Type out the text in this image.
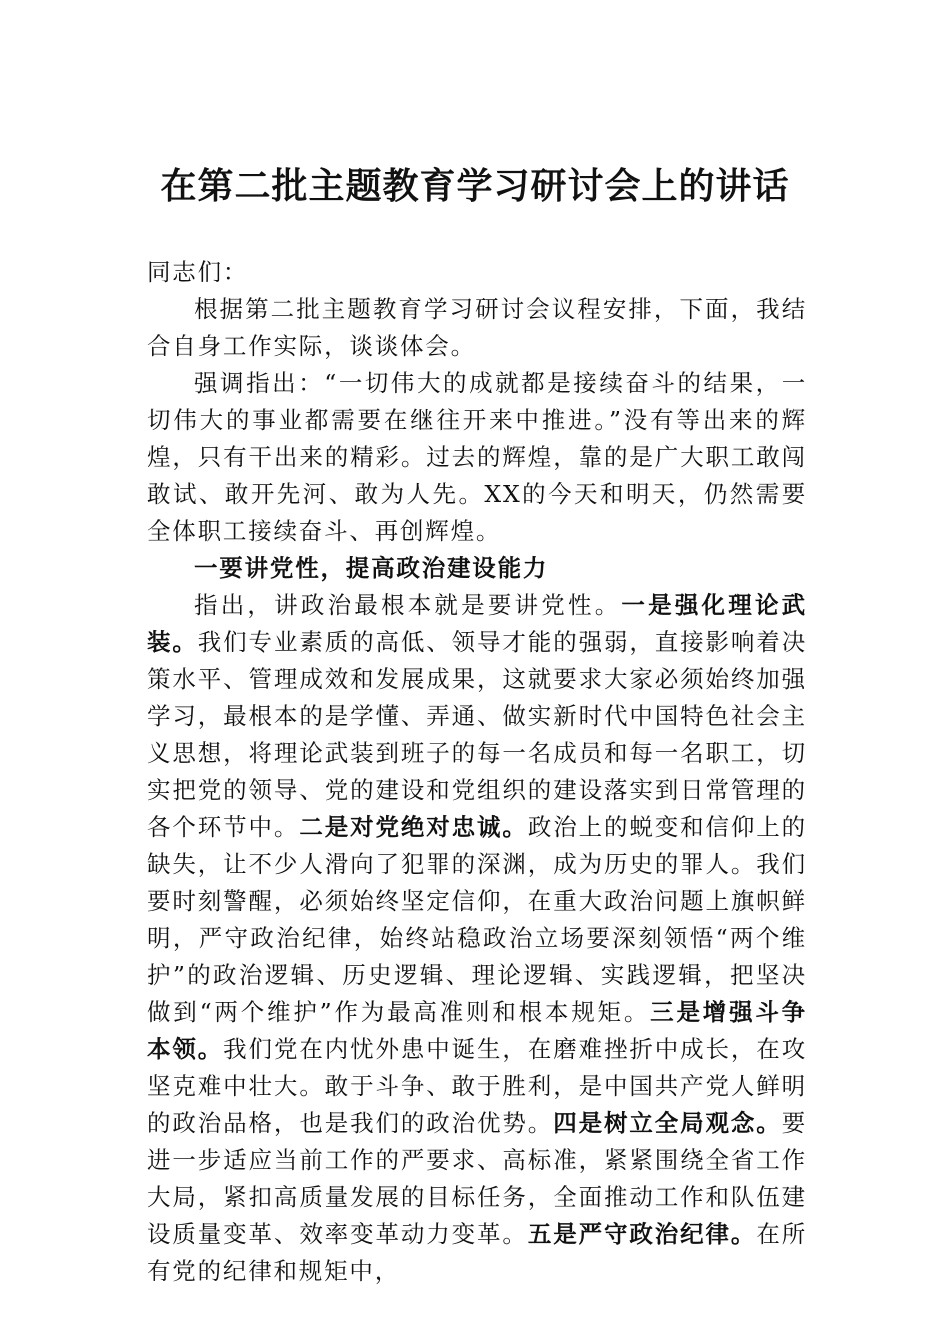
在第二批主题教育学习研讨会上的讲话

同志们：

根据第二批主题教育学习研讨会议程安排，下面，我结合自身工作实际，谈谈体会。

强调指出：“一切伟大的成就都是接续奋斗的结果，一切伟大的事业都需要在继往开来中推进。”没有等出来的辉煌，只有干出来的精彩。过去的辉煌，靠的是广大职工敢闯敢试、敢开先河、敢为人先。XX的今天和明天，仍然需要全体职工接续奋斗、再创辉煌。

一要讲党性，提高政治建设能力

指出，讲政治最根本就是要讲党性。一是强化理论武装。我们专业素质的高低、领导才能的强弱，直接影响着决策水平、管理成效和发展成果，这就要求大家必须始终加强学习，最根本的是学懂、弄通、做实新时代中国特色社会主义思想，将理论武装到班子的每一名成员和每一名职工，切实把党的领导、党的建设和党组织的建设落实到日常管理的各个环节中。二是对党绝对忠诚。政治上的蜕变和信仰上的缺失，让不少人滑向了犯罪的深渊，成为历史的罪人。我们要时刻警醒，必须始终坚定信仰，在重大政治问题上旗帜鲜明，严守政治纪律，始终站稳政治立场要深刻领悟“两个维护”的政治逻辑、历史逻辑、理论逻辑、实践逻辑，把坚决做到“两个维护”作为最高准则和根本规矩。三是增强斗争本领。我们党在内忧外患中诞生，在磨难挫折中成长，在攻坚克难中壮大。敢于斗争、敢于胜利，是中国共产党人鲜明的政治品格，也是我们的政治优势。四是树立全局观念。要进一步适应当前工作的严要求、高标准，紧紧围绕全省工作大局，紧扣高质量发展的目标任务，全面推动工作和队伍建设质量变革、效率变革动力变革。五是严守政治纪律。在所有党的纪律和规矩中，
